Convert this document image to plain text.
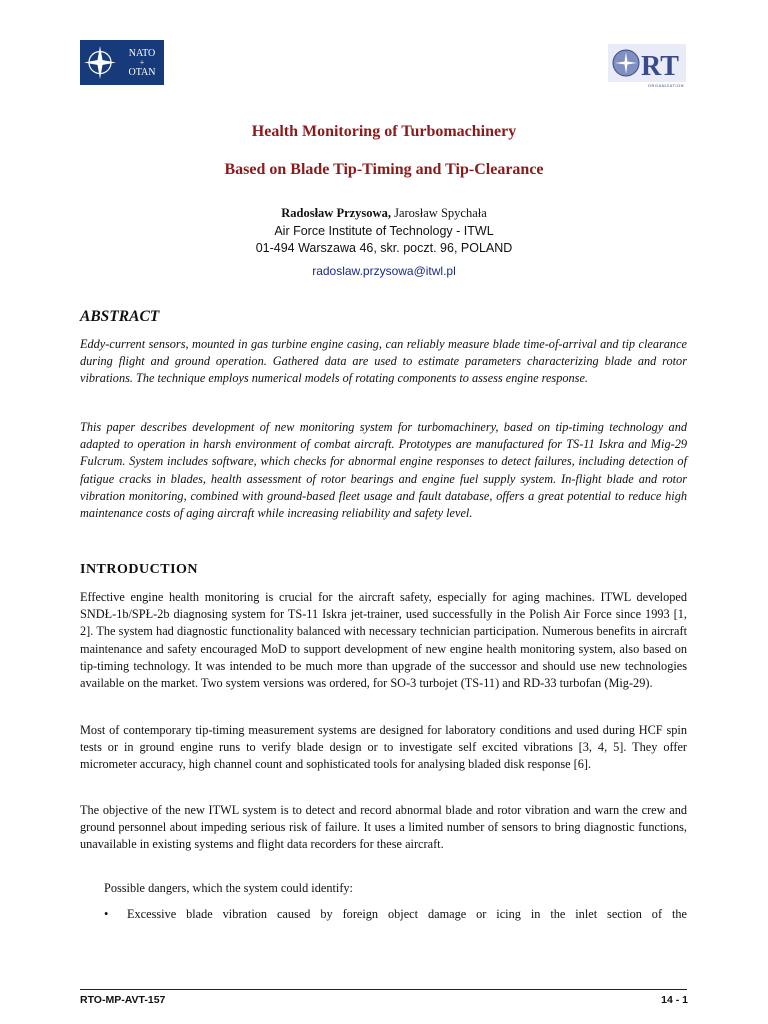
NATO
+
OTAN	RT
ORGANIZATION
Health Monitoring of Turbomachinery
Based on Blade Tip-Timing and Tip-Clearance
Radosław Przysowa, Jarosław Spychała
Air Force Institute of Technology - ITWL
01-494 Warszawa 46, skr. poczt. 96, POLAND
radoslaw.przysowa@itwl.pl
ABSTRACT

Eddy-current sensors, mounted in gas turbine engine casing, can reliably measure blade time-of-arrival and tip clearance during flight and ground operation. Gathered data are used to estimate parameters characterizing blade and rotor vibrations. The technique employs numerical models of rotating components to assess engine response.

This paper describes development of new monitoring system for turbomachinery, based on tip-timing technology and adapted to operation in harsh environment of combat aircraft. Prototypes are manufactured for TS-11 Iskra and Mig-29 Fulcrum. System includes software, which checks for abnormal engine responses to detect failures, including detection of fatigue cracks in blades, health assessment of rotor bearings and engine fuel supply system. In-flight blade and rotor vibration monitoring, combined with ground-based fleet usage and fault database, offers a great potential to reduce high maintenance costs of aging aircraft while increasing reliability and safety level.

INTRODUCTION

Effective engine health monitoring is crucial for the aircraft safety, especially for aging machines. ITWL developed SNDŁ-1b/SPŁ-2b diagnosing system for TS-11 Iskra jet-trainer, used successfully in the Polish Air Force since 1993 [1, 2]. The system had diagnostic functionality balanced with necessary technician participation. Numerous benefits in aircraft maintenance and safety encouraged MoD to support development of new engine health monitoring system, also based on tip-timing technology. It was intended to be much more than upgrade of the successor and should use new technologies available on the market. Two system versions was ordered, for SO-3 turbojet (TS-11) and RD-33 turbofan (Mig-29).

Most of contemporary tip-timing measurement systems are designed for laboratory conditions and used during HCF spin tests or in ground engine runs to verify blade design or to investigate self excited vibrations [3, 4, 5]. They offer micrometer accuracy, high channel count and sophisticated tools for analysing bladed disk response [6].

The objective of the new ITWL system is to detect and record abnormal blade and rotor vibration and warn the crew and ground personnel about impeding serious risk of failure. It uses a limited number of sensors to bring diagnostic functions, unavailable in existing systems and flight data recorders for these aircraft.

Possible dangers, which the system could identify:
• Excessive blade vibration caused by foreign object damage or icing in the inlet section of the
RTO-MP-AVT-157	14 - 1
